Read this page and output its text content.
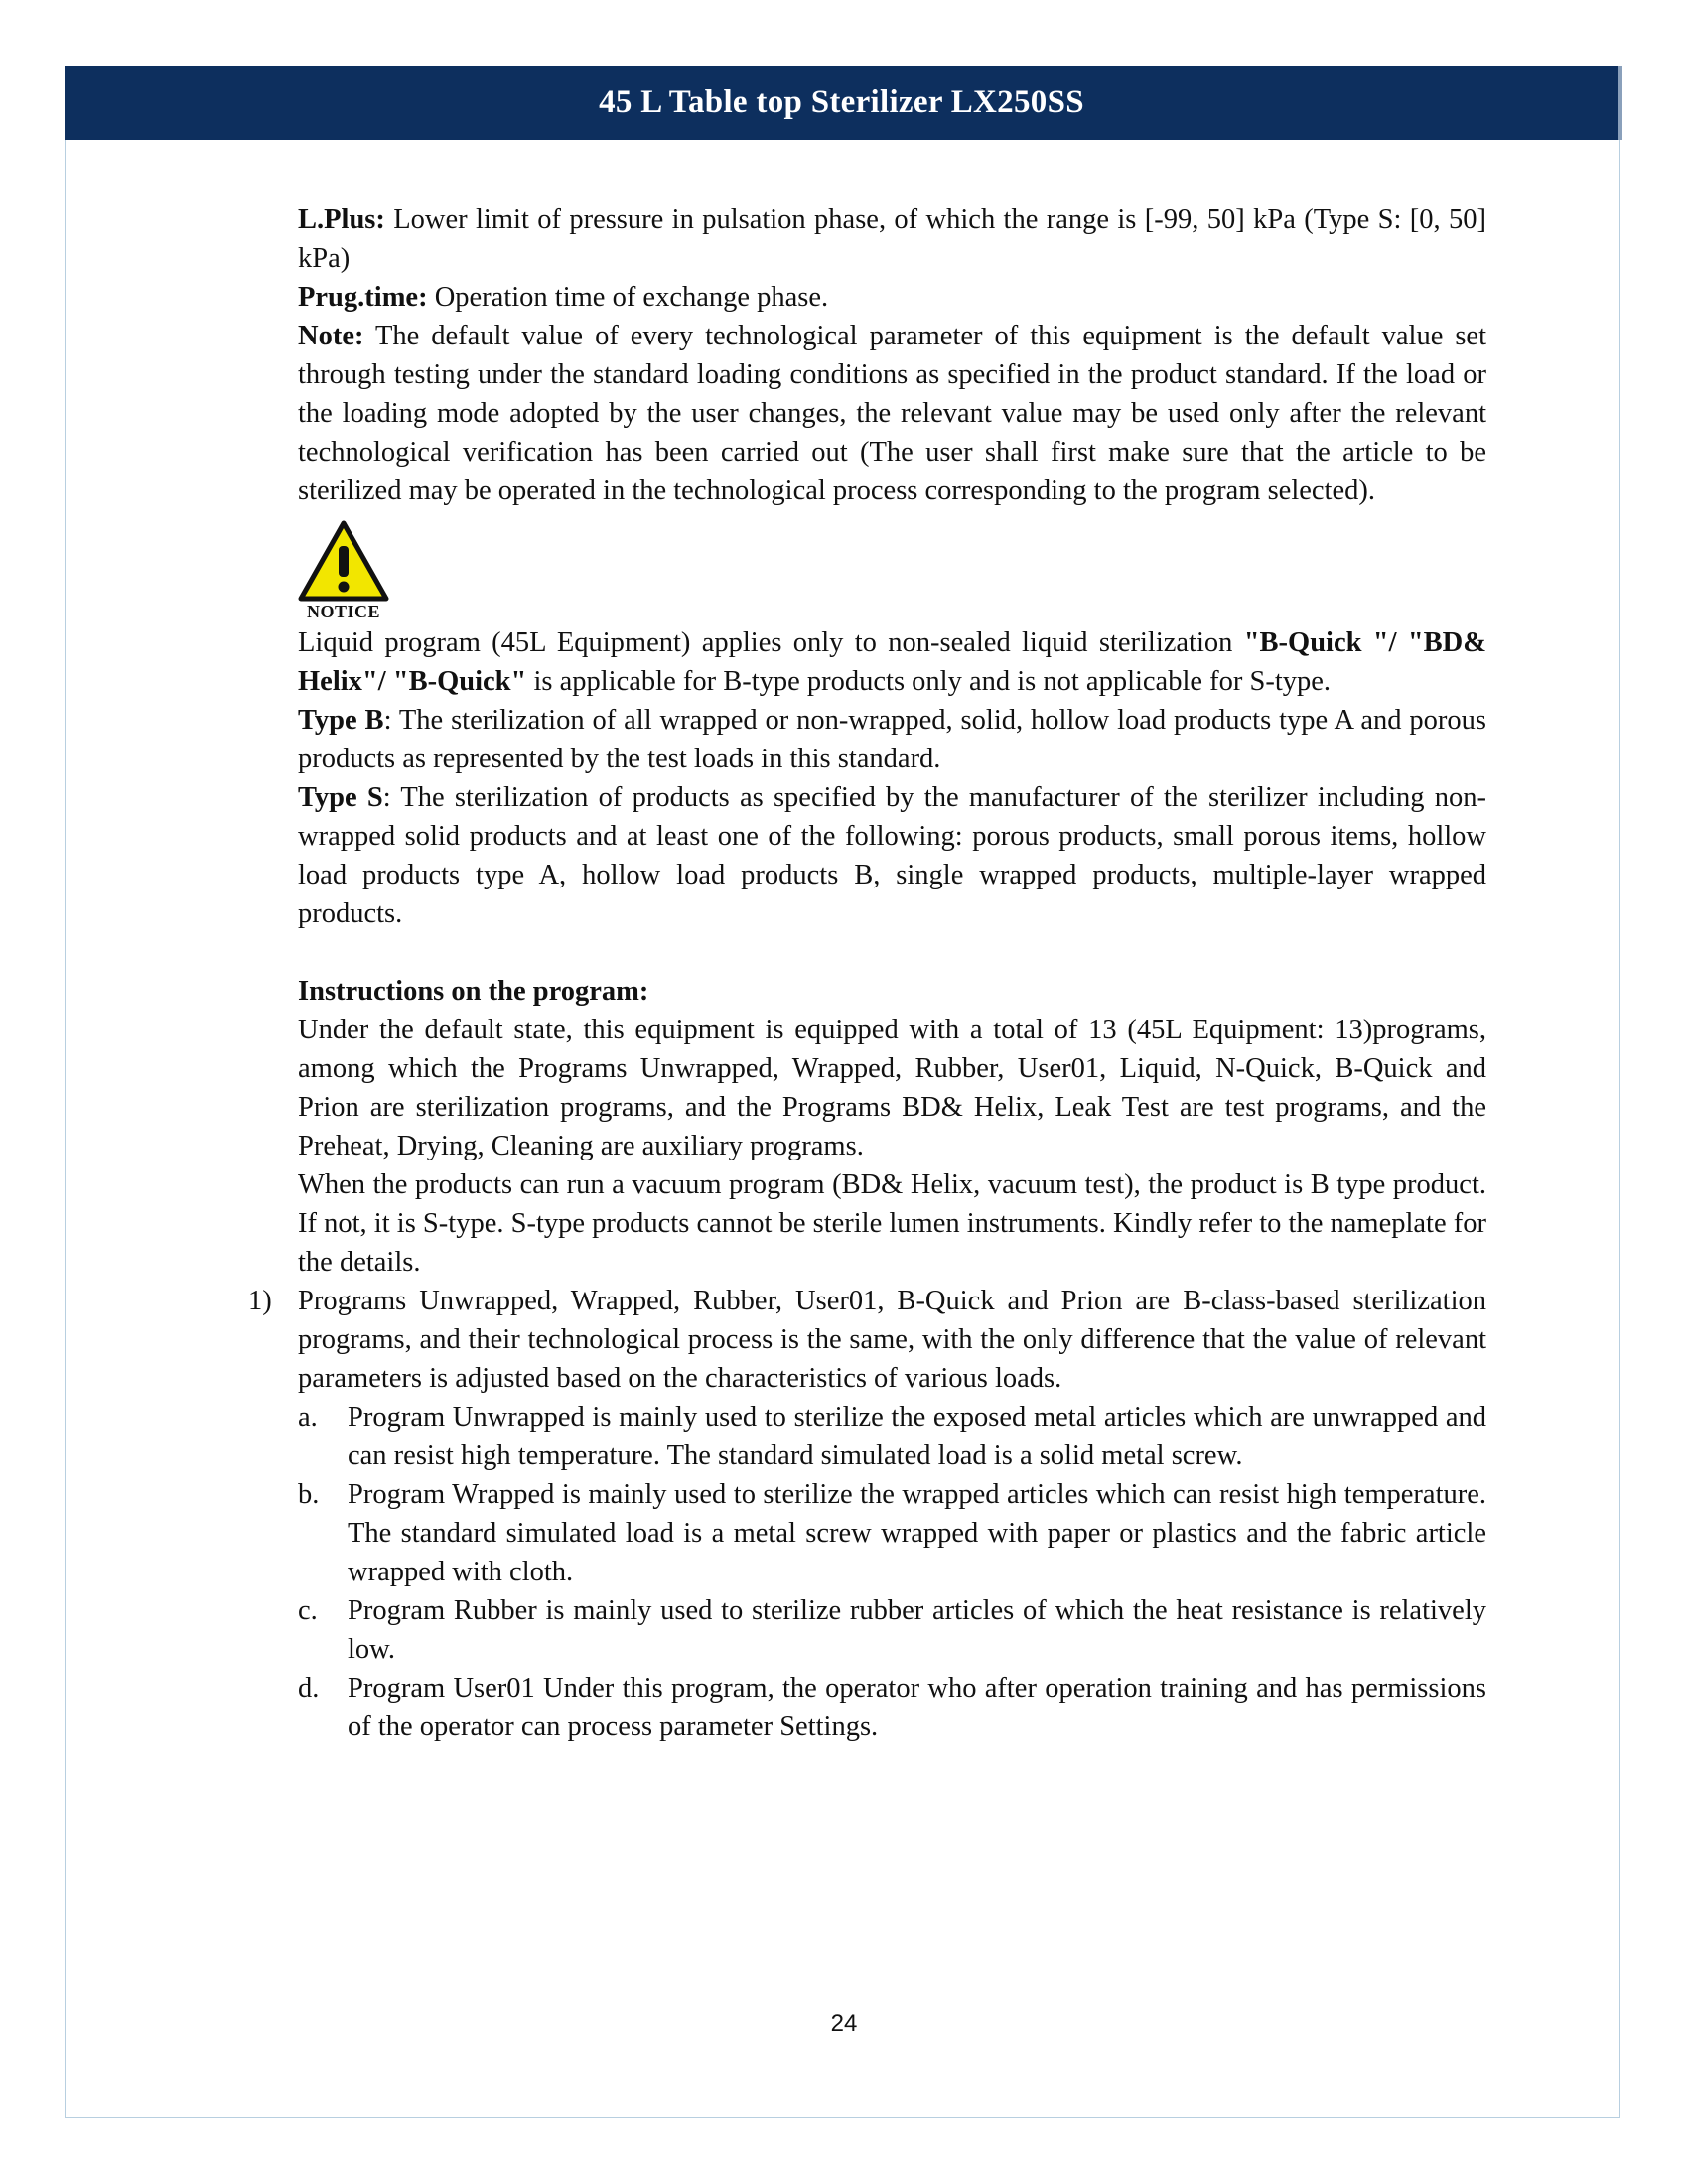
45 L Table top Sterilizer LX250SS

L.Plus: Lower limit of pressure in pulsation phase, of which the range is [-99, 50] kPa (Type S: [0, 50] kPa)

Prug.time: Operation time of exchange phase.

Note: The default value of every technological parameter of this equipment is the default value set through testing under the standard loading conditions as specified in the product standard. If the load or the loading mode adopted by the user changes, the relevant value may be used only after the relevant technological verification has been carried out (The user shall first make sure that the article to be sterilized may be operated in the technological process corresponding to the program selected).

NOTICE

Liquid program (45L Equipment) applies only to non-sealed liquid sterilization "B-Quick "/ "BD& Helix"/ "B-Quick" is applicable for B-type products only and is not applicable for S-type.

Type B: The sterilization of all wrapped or non-wrapped, solid, hollow load products type A and porous products as represented by the test loads in this standard.

Type S: The sterilization of products as specified by the manufacturer of the sterilizer including non-wrapped solid products and at least one of the following: porous products, small porous items, hollow load products type A, hollow load products B, single wrapped products, multiple-layer wrapped products.

Instructions on the program:

Under the default state, this equipment is equipped with a total of 13 (45L Equipment: 13)programs, among which the Programs Unwrapped, Wrapped, Rubber, User01, Liquid, N-Quick, B-Quick and Prion are sterilization programs, and the Programs BD& Helix, Leak Test are test programs, and the Preheat, Drying, Cleaning are auxiliary programs.

When the products can run a vacuum program (BD& Helix, vacuum test), the product is B type product. If not, it is S-type. S-type products cannot be sterile lumen instruments. Kindly refer to the nameplate for the details.

1) Programs Unwrapped, Wrapped, Rubber, User01, B-Quick and Prion are B-class-based sterilization programs, and their technological process is the same, with the only difference that the value of relevant parameters is adjusted based on the characteristics of various loads.

a. Program Unwrapped is mainly used to sterilize the exposed metal articles which are unwrapped and can resist high temperature. The standard simulated load is a solid metal screw.

b. Program Wrapped is mainly used to sterilize the wrapped articles which can resist high temperature. The standard simulated load is a metal screw wrapped with paper or plastics and the fabric article wrapped with cloth.

c. Program Rubber is mainly used to sterilize rubber articles of which the heat resistance is relatively low.

d. Program User01 Under this program, the operator who after operation training and has permissions of the operator can process parameter Settings.

24
